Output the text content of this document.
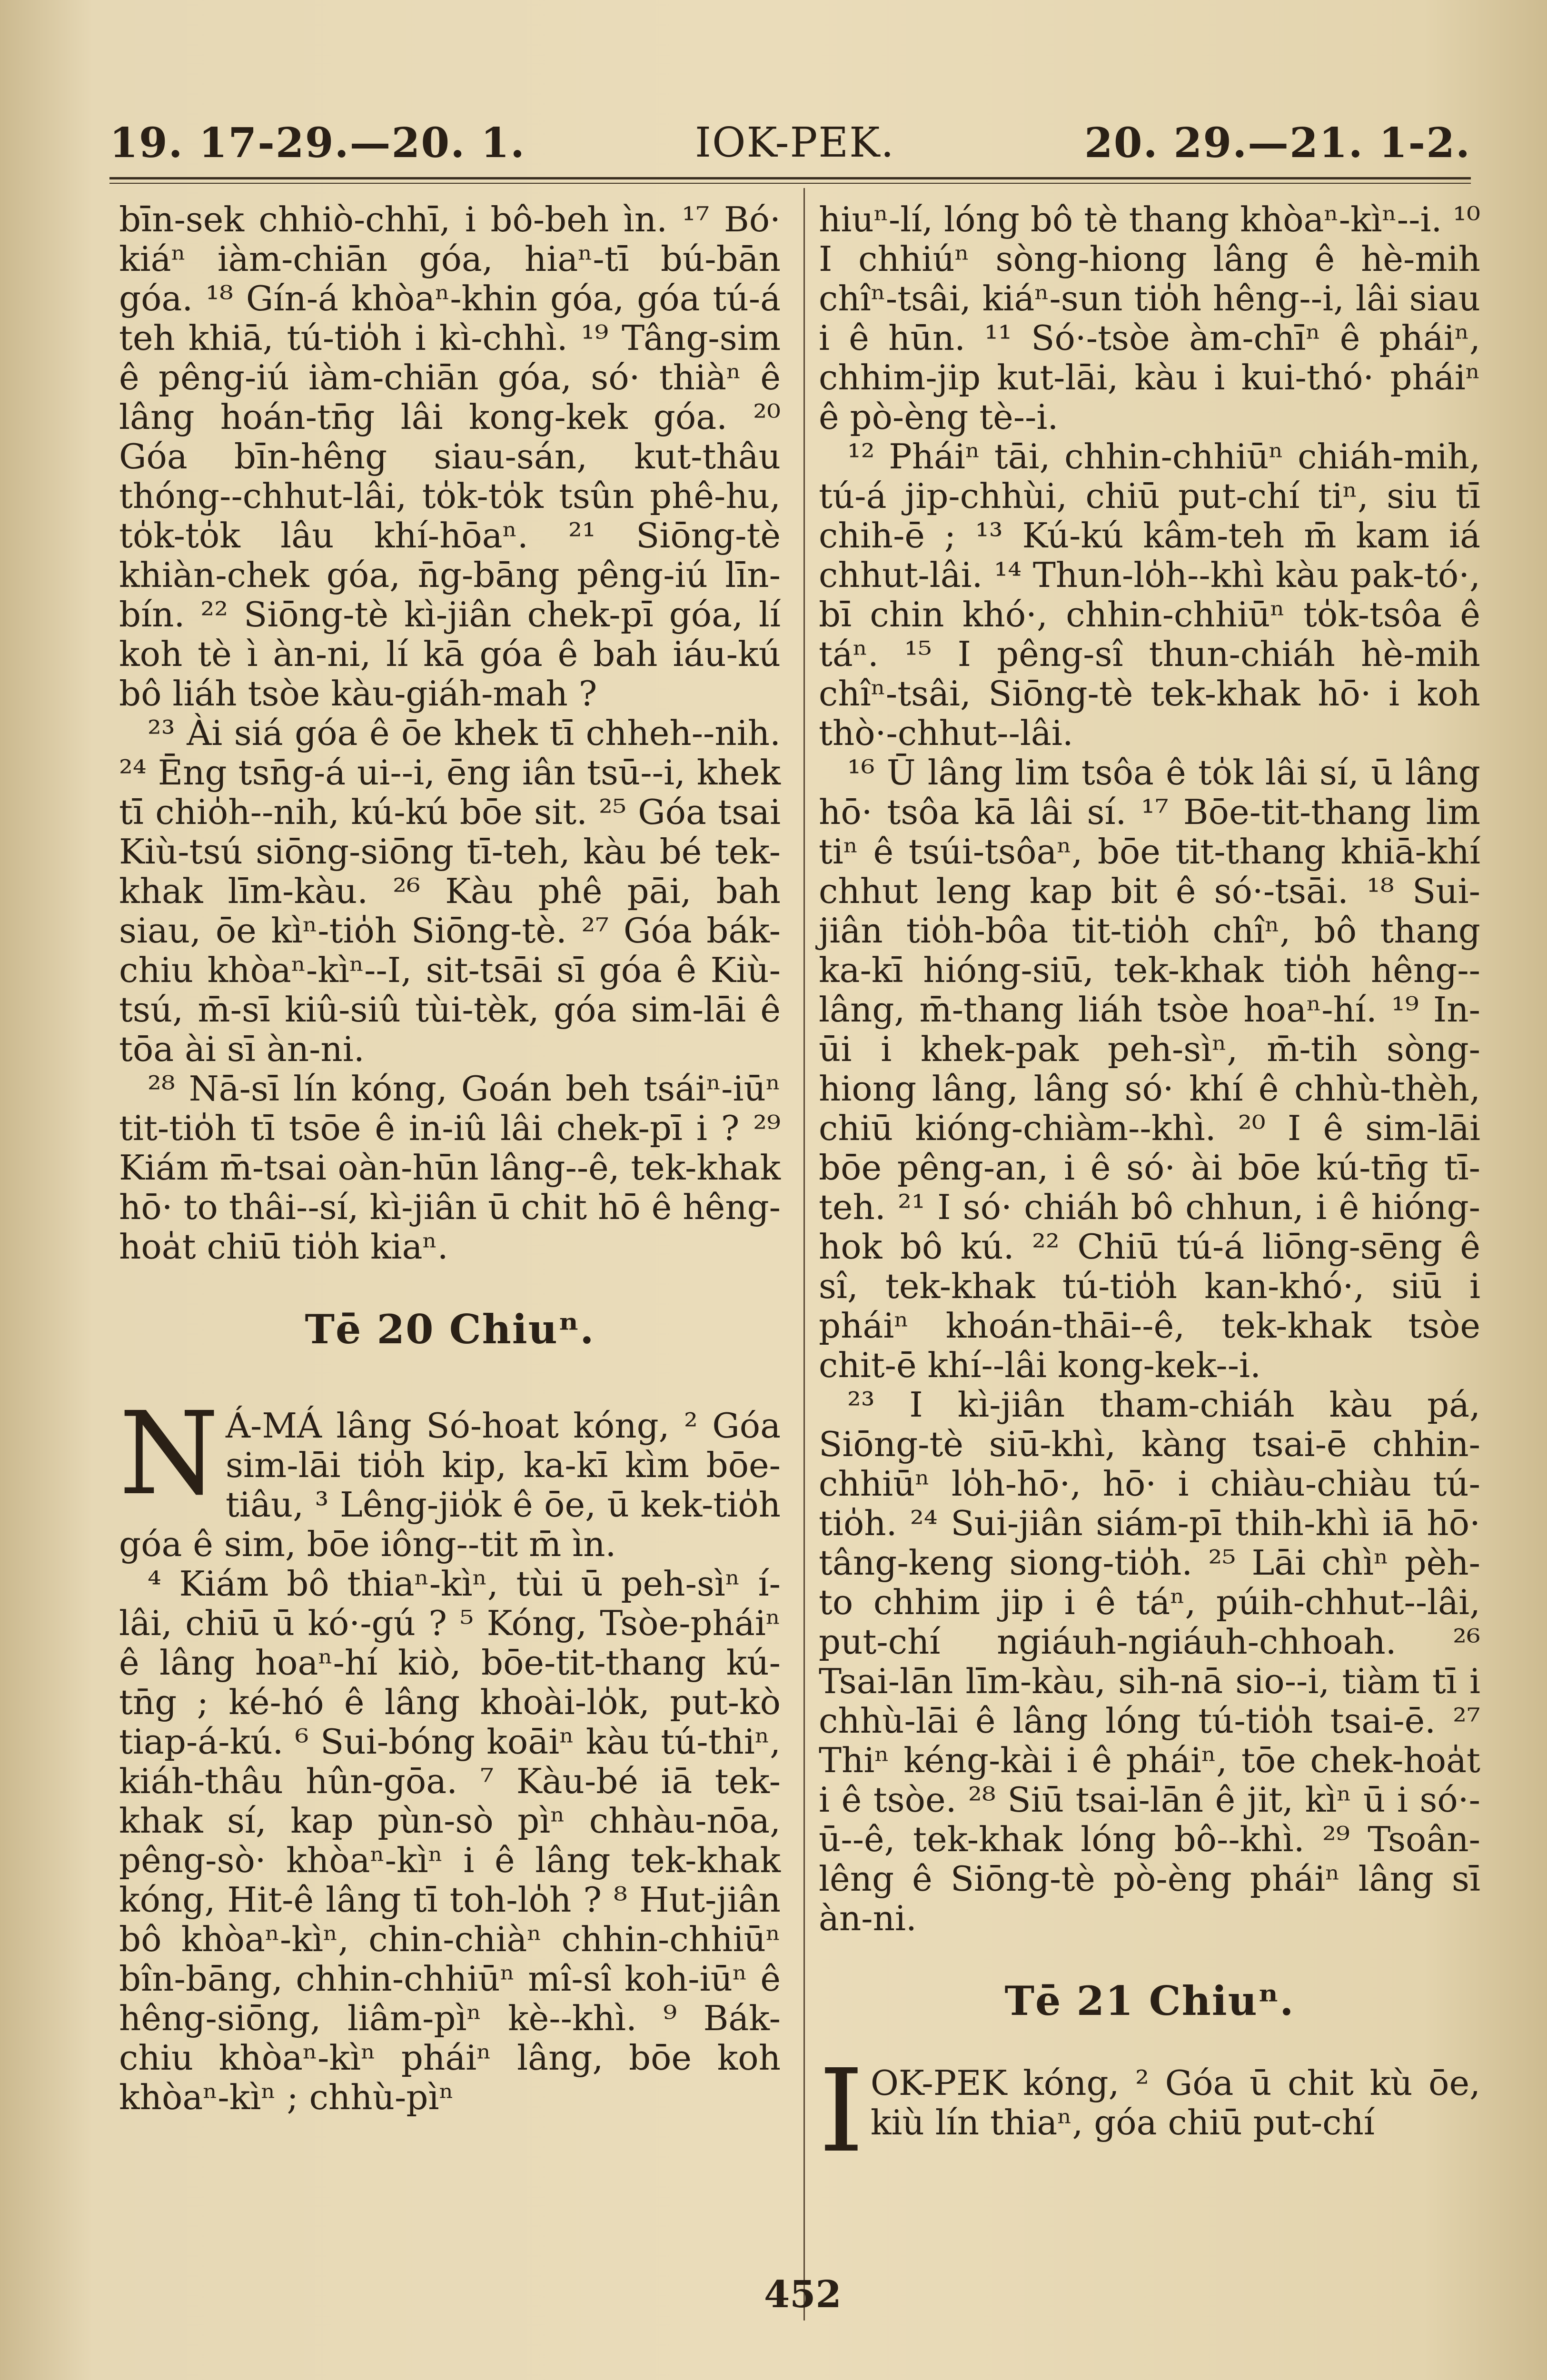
19. 17-29.—20. 1.	IOK-PEK.	20. 29.—21. 1-2.

bīn-sek chhiò-chhī, i bô-beh ìn. ¹⁷ Bó· kiáⁿ iàm-chiān góa, hiaⁿ-tī bú-bān góa. ¹⁸ Gín-á khòaⁿ-khin góa, góa tú-á teh khiā, tú-tio̍h i kì-chhì. ¹⁹ Tâng-sim ê pêng-iú iàm-chiān góa, só· thiàⁿ ê lâng hoán-tn̄g lâi kong-kek góa. ²⁰ Góa bīn-hêng siau-sán, kut-thâu thóng--chhut-lâi, to̍k-to̍k tsûn phê-hu, to̍k-to̍k lâu khí-hōaⁿ. ²¹ Siōng-tè khiàn-chek góa, n̄g-bāng pêng-iú līn-bín. ²² Siōng-tè kì-jiân chek-pī góa, lí koh tè ì àn-ni, lí kā góa ê bah iáu-kú bô liáh tsòe kàu-giáh-mah ?

²³ Ài siá góa ê ōe khek tī chheh--nih. ²⁴ Ēng tsn̄g-á ui--i, ēng iân tsū--i, khek tī chio̍h--nih, kú-kú bōe sit. ²⁵ Góa tsai Kiù-tsú siōng-siōng tī-teh, kàu bé tek-khak līm-kàu. ²⁶ Kàu phê pāi, bah siau, ōe kìⁿ-tio̍h Siōng-tè. ²⁷ Góa bák-chiu khòaⁿ-kìⁿ--I, sit-tsāi sī góa ê Kiù-tsú, m̄-sī kiû-siû tùi-tèk, góa sim-lāi ê tōa ài sī àn-ni.

²⁸ Nā-sī lín kóng, Goán beh tsáiⁿ-iūⁿ tit-tio̍h tī tsōe ê in-iû lâi chek-pī i ? ²⁹ Kiám m̄-tsai oàn-hūn lâng--ê, tek-khak hō· to thâi--sí, kì-jiân ū chit hō ê hêng-hoa̍t chiū tio̍h kiaⁿ.

Tē 20 Chiuⁿ.

N Á-MÁ lâng Só-hoat kóng, ² Góa sim-lāi tio̍h kip, ka-kī kìm bōe-tiâu, ³ Lêng-jio̍k ê ōe, ū kek-tio̍h góa ê sim, bōe iông--tit m̄ ìn.

⁴ Kiám bô thiaⁿ-kìⁿ, tùi ū peh-sìⁿ í-lâi, chiū ū kó·-gú ? ⁵ Kóng, Tsòe-pháiⁿ ê lâng hoaⁿ-hí kiò, bōe-tit-thang kú-tn̄g ; ké-hó ê lâng khoài-lo̍k, put-kò tiap-á-kú. ⁶ Sui-bóng koāiⁿ kàu tú-thiⁿ, kiáh-thâu hûn-gōa. ⁷ Kàu-bé iā tek-khak sí, kap pùn-sò pìⁿ chhàu-nōa, pêng-sò· khòaⁿ-kìⁿ i ê lâng tek-khak kóng, Hit-ê lâng tī toh-lo̍h ? ⁸ Hut-jiân bô khòaⁿ-kìⁿ, chin-chiàⁿ chhin-chhiūⁿ bîn-bāng, chhin-chhiūⁿ mî-sî koh-iūⁿ ê hêng-siōng, liâm-pìⁿ kè--khì. ⁹ Bák-chiu khòaⁿ-kìⁿ pháiⁿ lâng, bōe koh khòaⁿ-kìⁿ ; chhù-pìⁿ

hiuⁿ-lí, lóng bô tè thang khòaⁿ-kìⁿ--i. ¹⁰ I chhiúⁿ sòng-hiong lâng ê hè-mih chîⁿ-tsâi, kiáⁿ-sun tio̍h hêng--i, lâi siau i ê hūn. ¹¹ Só·-tsòe àm-chīⁿ ê pháiⁿ, chhim-jip kut-lāi, kàu i kui-thó· pháiⁿ ê pò-èng tè--i.

¹² Pháiⁿ tāi, chhin-chhiūⁿ chiáh-mih, tú-á jip-chhùi, chiū put-chí tiⁿ, siu tī chih-ē ; ¹³ Kú-kú kâm-teh m̄ kam iá chhut-lâi. ¹⁴ Thun-lo̍h--khì kàu pak-tó·, bī chin khó·, chhin-chhiūⁿ to̍k-tsôa ê táⁿ. ¹⁵ I pêng-sî thun-chiáh hè-mih chîⁿ-tsâi, Siōng-tè tek-khak hō· i koh thò·-chhut--lâi.

¹⁶ Ū lâng lim tsôa ê to̍k lâi sí, ū lâng hō· tsôa kā lâi sí. ¹⁷ Bōe-tit-thang lim tiⁿ ê tsúi-tsôaⁿ, bōe tit-thang khiā-khí chhut leng kap bit ê só·-tsāi. ¹⁸ Sui-jiân tio̍h-bôa tit-tio̍h chîⁿ, bô thang ka-kī hióng-siū, tek-khak tio̍h hêng--lâng, m̄-thang liáh tsòe hoaⁿ-hí. ¹⁹ In-ūi i khek-pak peh-sìⁿ, m̄-tih sòng-hiong lâng, lâng só· khí ê chhù-thèh, chiū kióng-chiàm--khì. ²⁰ I ê sim-lāi bōe pêng-an, i ê só· ài bōe kú-tn̄g tī-teh. ²¹ I só· chiáh bô chhun, i ê hióng-hok bô kú. ²² Chiū tú-á liōng-sēng ê sî, tek-khak tú-tio̍h kan-khó·, siū i pháiⁿ khoán-thāi--ê, tek-khak tsòe chit-ē khí--lâi kong-kek--i.

²³ I kì-jiân tham-chiáh kàu pá, Siōng-tè siū-khì, kàng tsai-ē chhin-chhiūⁿ lo̍h-hō·, hō· i chiàu-chiàu tú-tio̍h. ²⁴ Sui-jiân siám-pī thih-khì iā hō· tâng-keng siong-tio̍h. ²⁵ Lāi chìⁿ pèh-to chhim jip i ê táⁿ, púih-chhut--lâi, put-chí ngiáuh-ngiáuh-chhoah. ²⁶ Tsai-lān līm-kàu, sih-nā sio--i, tiàm tī i chhù-lāi ê lâng lóng tú-tio̍h tsai-ē. ²⁷ Thiⁿ kéng-kài i ê pháiⁿ, tōe chek-hoa̍t i ê tsòe. ²⁸ Siū tsai-lān ê jit, kìⁿ ū i só·-ū--ê, tek-khak lóng bô--khì. ²⁹ Tsoân-lêng ê Siōng-tè pò-èng pháiⁿ lâng sī àn-ni.

Tē 21 Chiuⁿ.

IOK-PEK kóng, ² Góa ū chit kù ōe, kiù lín thiaⁿ, góa chiū put-chí

452
